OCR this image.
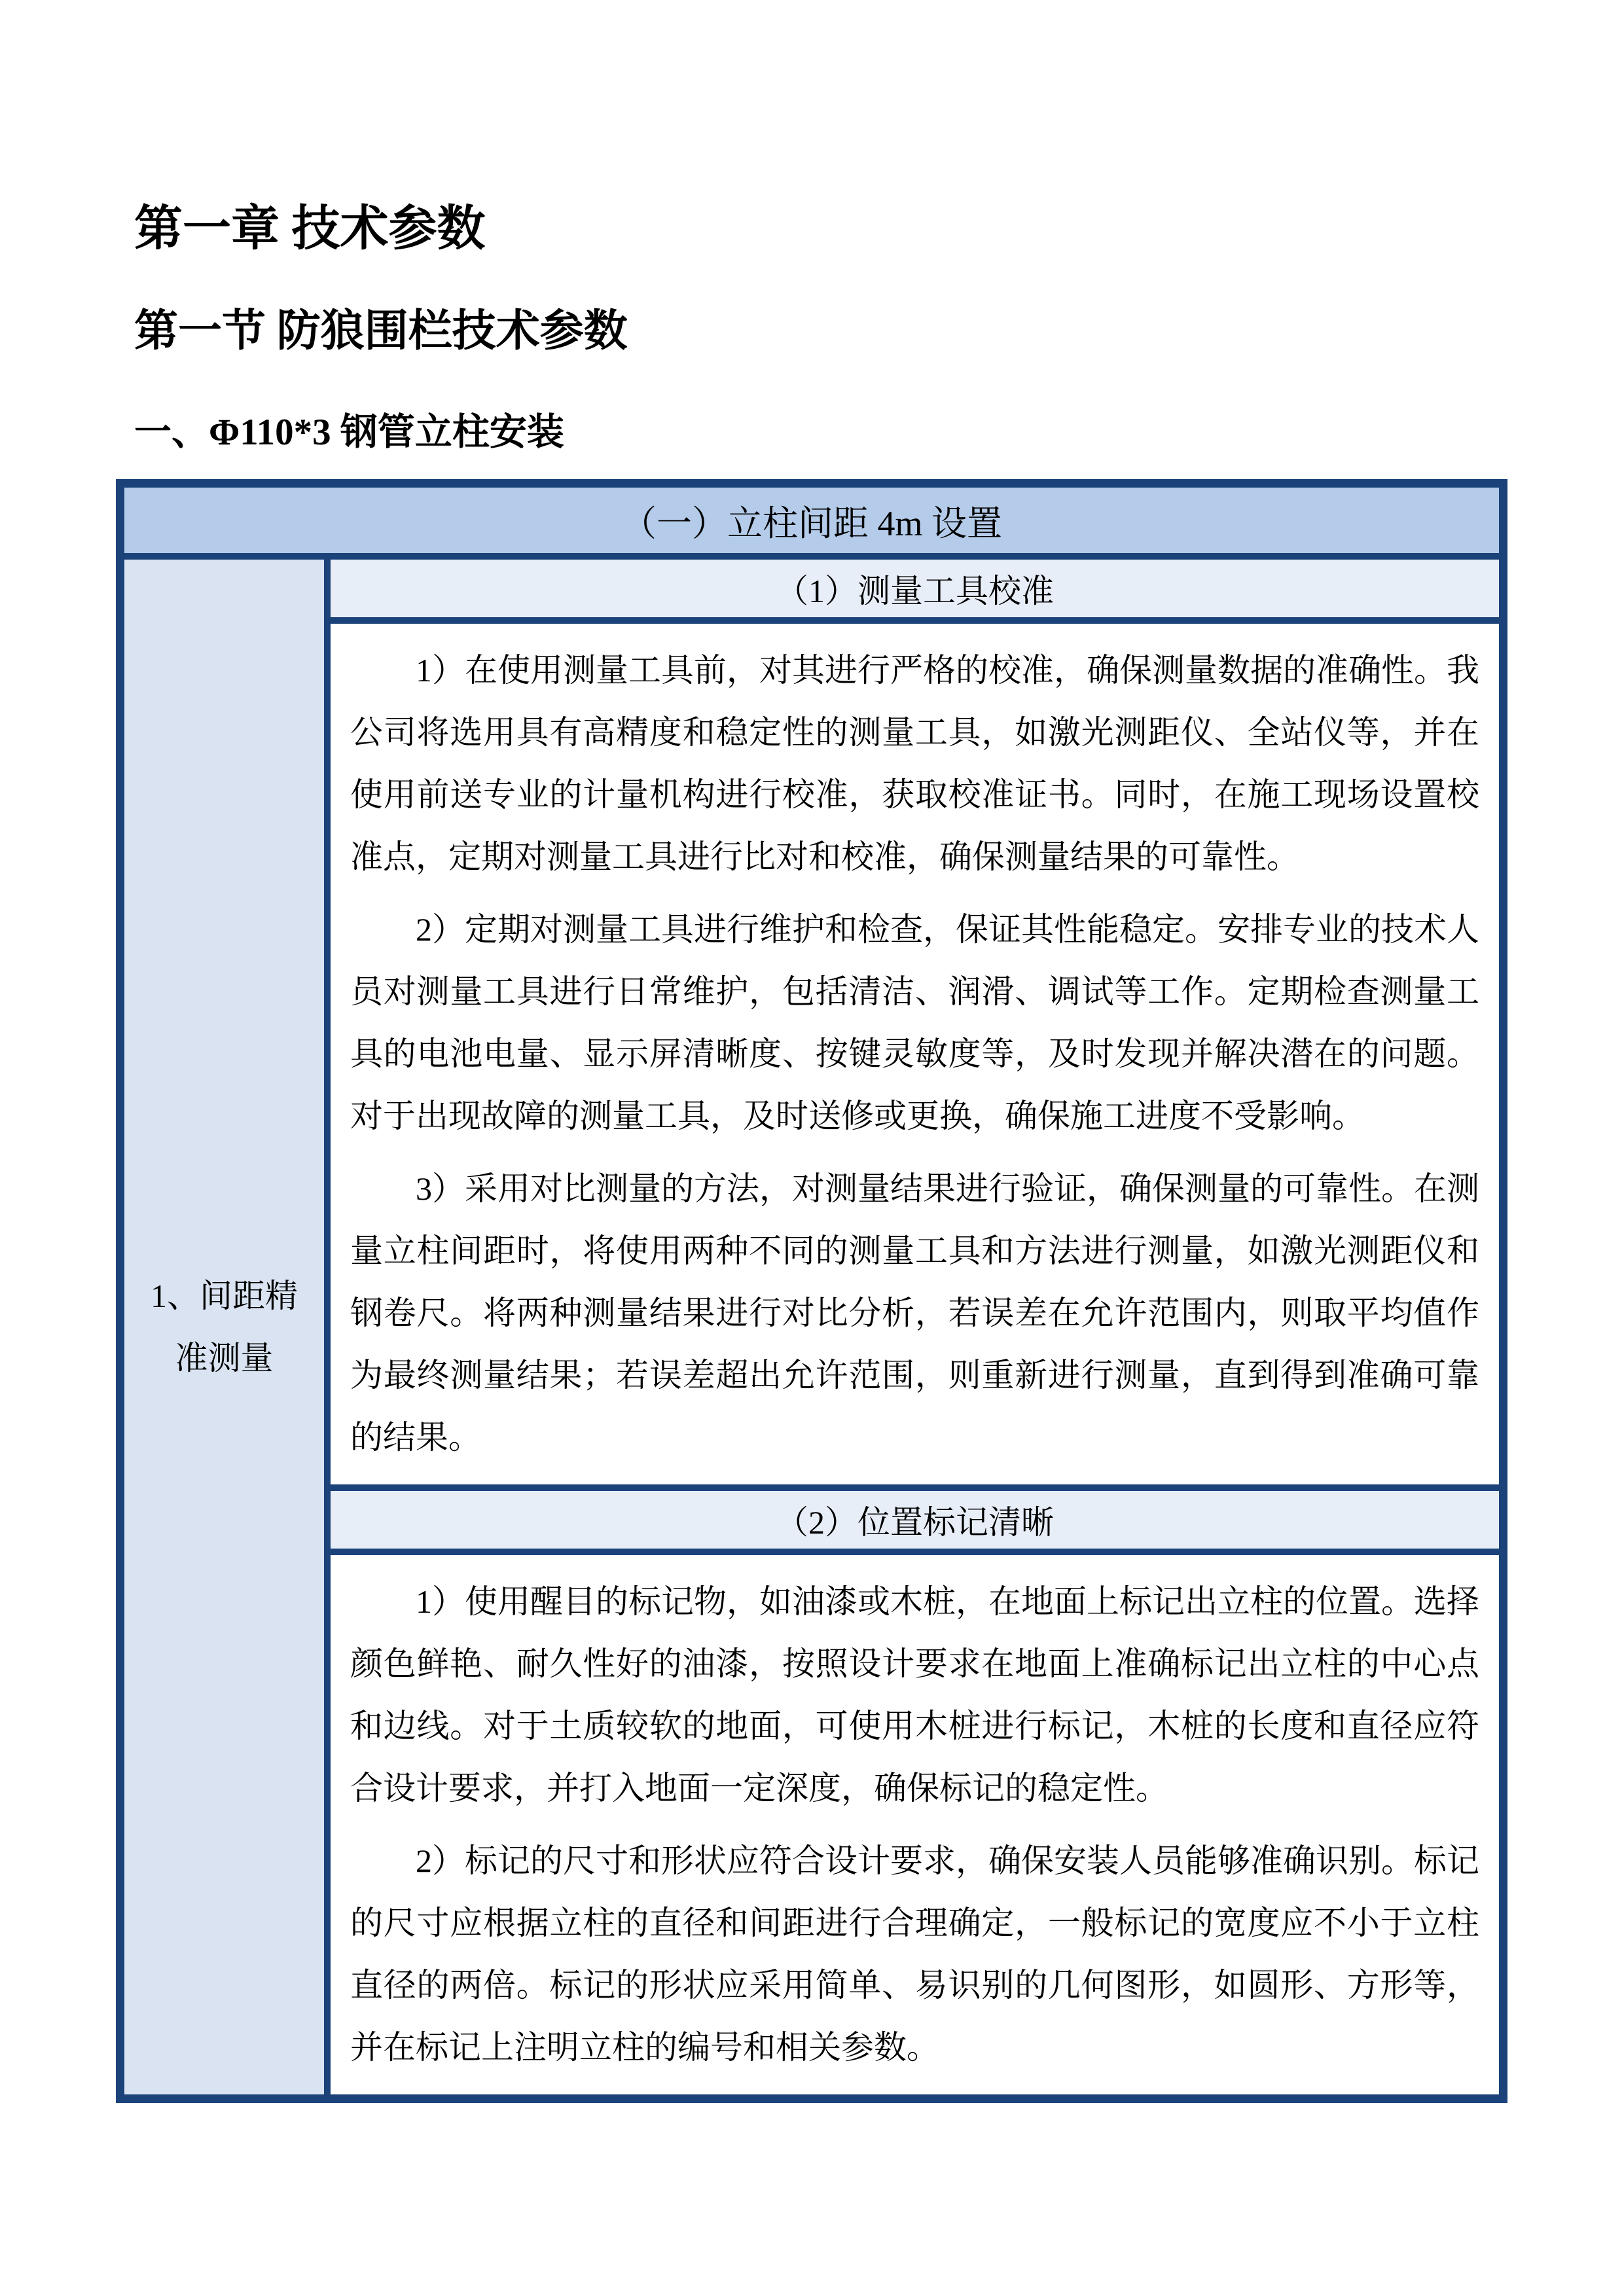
第一章 技术参数
第一节 防狼围栏技术参数
一、Φ110*3 钢管立柱安装
（一）立柱间距 4m 设置
1、间距精准测量
（1）测量工具校准

1）在使用测量工具前，对其进行严格的校准，确保测量数据的准确性。我公司将选用具有高精度和稳定性的测量工具，如激光测距仪、全站仪等，并在使用前送专业的计量机构进行校准，获取校准证书。同时，在施工现场设置校准点，定期对测量工具进行比对和校准，确保测量结果的可靠性。

2）定期对测量工具进行维护和检查，保证其性能稳定。安排专业的技术人员对测量工具进行日常维护，包括清洁、润滑、调试等工作。定期检查测量工具的电池电量、显示屏清晰度、按键灵敏度等，及时发现并解决潜在的问题。对于出现故障的测量工具，及时送修或更换，确保施工进度不受影响。

3）采用对比测量的方法，对测量结果进行验证，确保测量的可靠性。在测量立柱间距时，将使用两种不同的测量工具和方法进行测量，如激光测距仪和钢卷尺。将两种测量结果进行对比分析，若误差在允许范围内，则取平均值作为最终测量结果；若误差超出允许范围，则重新进行测量，直到得到准确可靠的结果。

（2）位置标记清晰

1）使用醒目的标记物，如油漆或木桩，在地面上标记出立柱的位置。选择颜色鲜艳、耐久性好的油漆，按照设计要求在地面上准确标记出立柱的中心点和边线。对于土质较软的地面，可使用木桩进行标记，木桩的长度和直径应符合设计要求，并打入地面一定深度，确保标记的稳定性。

2）标记的尺寸和形状应符合设计要求，确保安装人员能够准确识别。标记的尺寸应根据立柱的直径和间距进行合理确定，一般标记的宽度应不小于立柱直径的两倍。标记的形状应采用简单、易识别的几何图形，如圆形、方形等，并在标记上注明立柱的编号和相关参数。
